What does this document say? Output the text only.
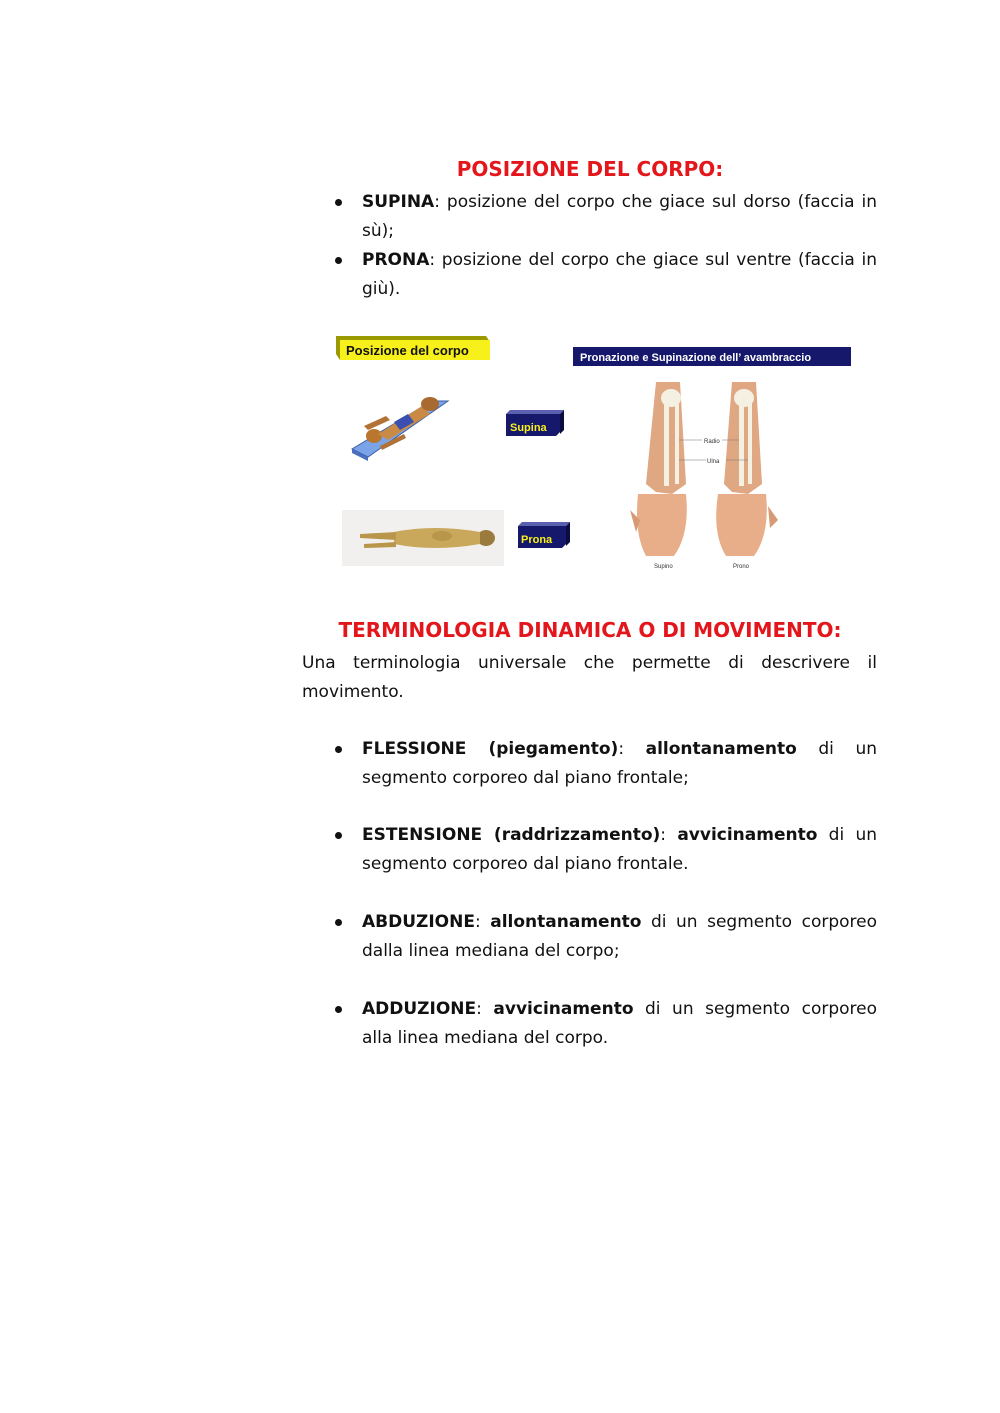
POSIZIONE DEL CORPO:
SUPINA: posizione del corpo che giace sul dorso (faccia in sù);
PRONA: posizione del corpo che giace sul ventre (faccia in giù).
Posizione del corpo
Supina
Prona
Pronazione e Supinazione dell’ avambraccio
Radio
Ulna
Supino	Prono
TERMINOLOGIA DINAMICA O DI MOVIMENTO:
Una terminologia universale che permette di descrivere il movimento.
FLESSIONE (piegamento): allontanamento di un segmento corporeo dal piano frontale;
ESTENSIONE (raddrizzamento): avvicinamento di un segmento corporeo dal piano frontale.
ABDUZIONE: allontanamento di un segmento corporeo dalla linea mediana del corpo;
ADDUZIONE: avvicinamento di un segmento corporeo alla linea mediana del corpo.
